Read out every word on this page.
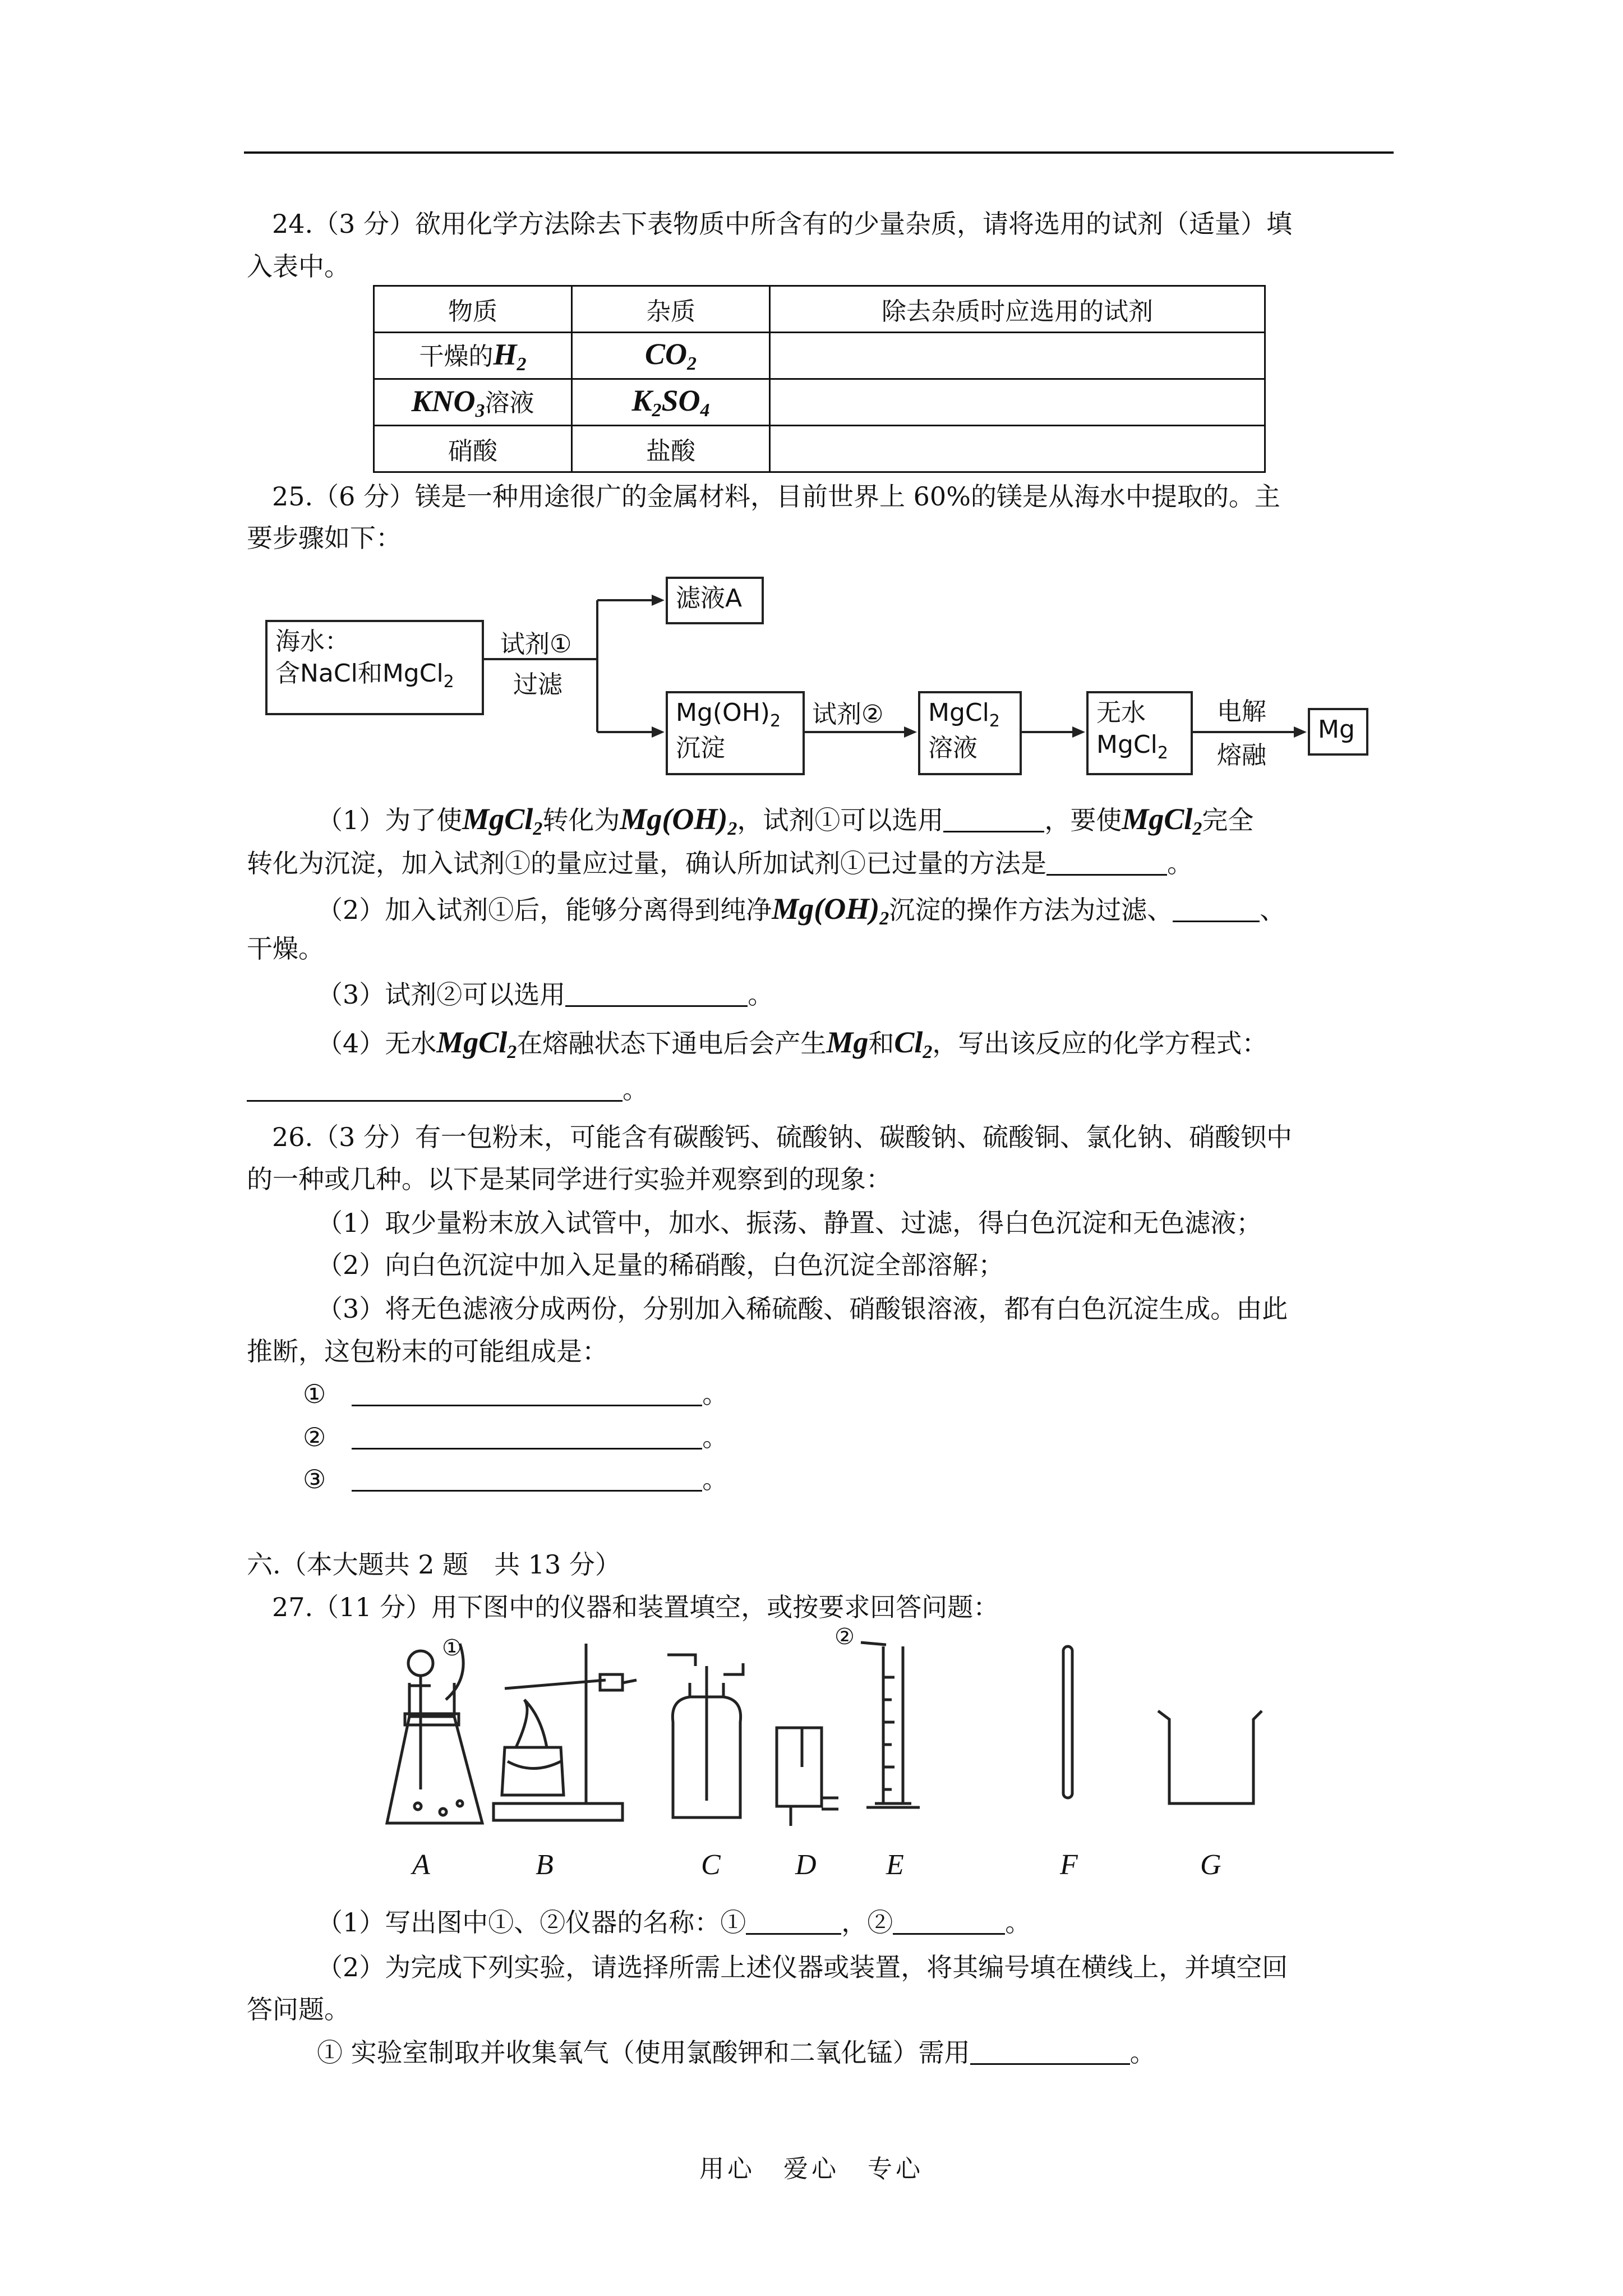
24.（3 分）欲用化学方法除去下表物质中所含有的少量杂质，请将选用的试剂（适量）填
入表中。
物质	杂质	除去杂质时应选用的试剂
干燥的$H_2$	$CO_2$	
$KNO_3$溶液	$K_2SO_4$	
硝酸	盐酸	
25.（6 分）镁是一种用途很广的金属材料，目前世界上 60%的镁是从海水中提取的。主
要步骤如下：
海水：
含NaCl和MgCl$_2$
试剂①
过滤
滤液A
$Mg(OH)_2$
沉淀
试剂② MgCl$_2$
溶液
无水
MgCl$_2$
电解
熔融
Mg
（1）为了使MgCl$_2$转化为$Mg(OH)_2$，试剂①可以选用	，要使MgCl$_2$完全
转化为沉淀，加入试剂①的量应过量，确认所加试剂①已过量的方法是	。
（2）加入试剂①后，能够分离得到纯净$Mg(OH)_2$沉淀的操作方法为过滤、	、
干燥。
（3）试剂②可以选用	。
（4）无水MgCl$_2$在熔融状态下通电后会产生Mg和$Cl_2$，写出该反应的化学方程式：
。
26.（3 分）有一包粉末，可能含有碳酸钙、硫酸钠、碳酸钠、硫酸铜、氯化钠、硝酸钡中
的一种或几种。以下是某同学进行实验并观察到的现象：
（1）取少量粉末放入试管中，加水、振荡、静置、过滤，得白色沉淀和无色滤液；
（2）向白色沉淀中加入足量的稀硝酸，白色沉淀全部溶解；
（3）将无色滤液分成两份，分别加入稀硫酸、硝酸银溶液，都有白色沉淀生成。由此
推断，这包粉末的可能组成是：
①　	。
②　	。
③　	。
六.（本大题共 2 题　共 13 分）
27.（11 分）用下图中的仪器和装置填空，或按要求回答问题：
①	②
A	B	C	D E	F	G
（1）写出图中①、②仪器的名称：①	，②	。
（2）为完成下列实验，请选择所需上述仪器或装置，将其编号填在横线上，并填空回
答问题。
① 实验室制取并收集氧气（使用氯酸钾和二氧化锰）需用	。
用心　爱心　专心
